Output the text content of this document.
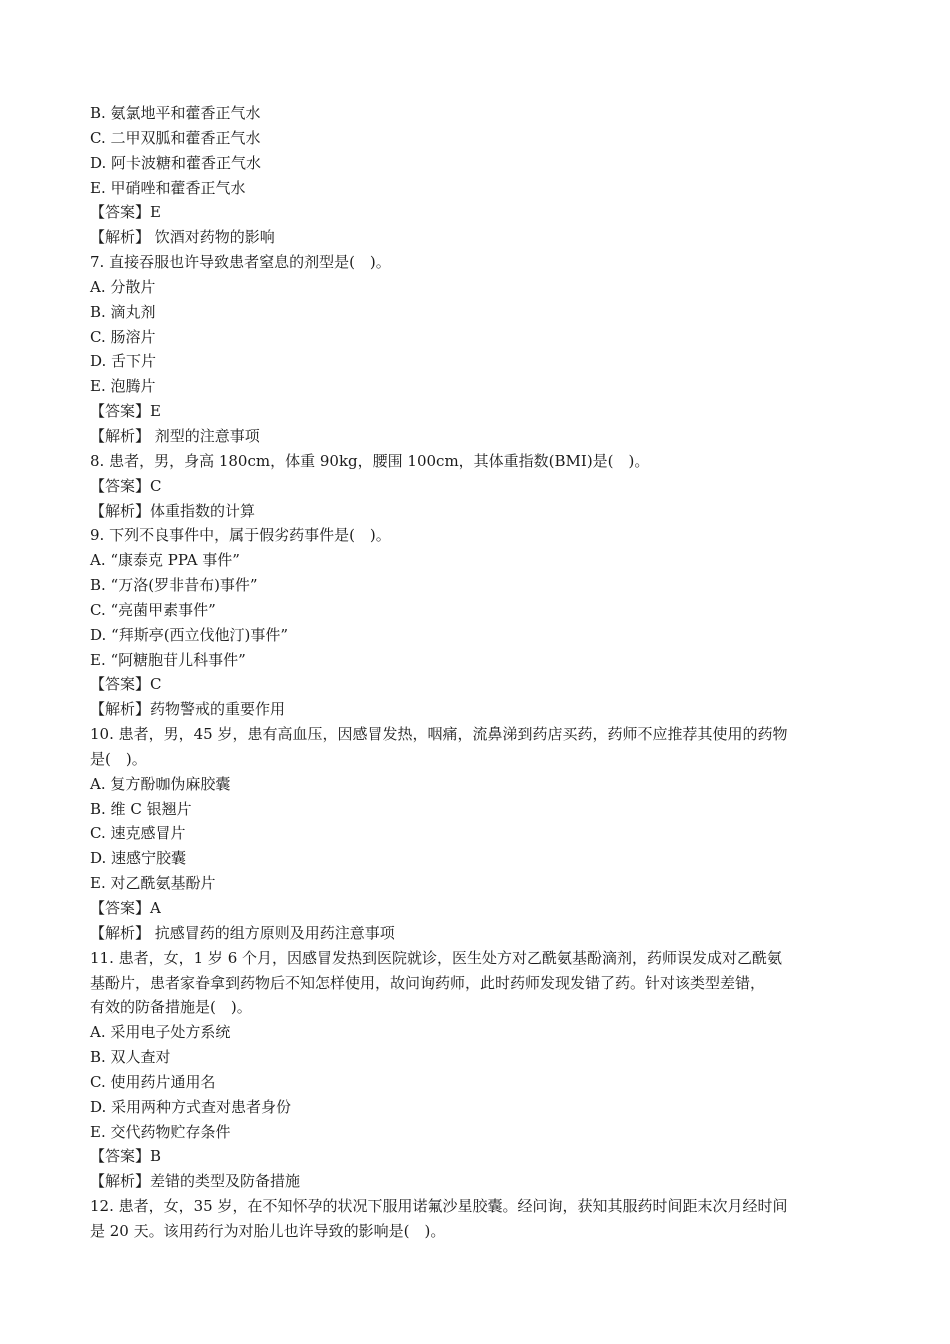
B. 氨氯地平和藿香正气水
C. 二甲双胍和藿香正气水
D. 阿卡波糖和藿香正气水
E. 甲硝唑和藿香正气水
【答案】E
【解析】 饮酒对药物的影响
7. 直接吞服也许导致患者窒息的剂型是(　)。
A. 分散片
B. 滴丸剂
C. 肠溶片
D. 舌下片
E. 泡腾片
【答案】E
【解析】 剂型的注意事项
8. 患者，男，身高 180cm，体重 90kg，腰围 100cm，其体重指数(BMI)是(　)。
【答案】C
【解析】体重指数的计算
9. 下列不良事件中，属于假劣药事件是(　)。
A. “康泰克 PPA 事件”
B. “万洛(罗非昔布)事件”
C. “亮菌甲素事件”
D. “拜斯亭(西立伐他汀)事件”
E. “阿糖胞苷儿科事件”
【答案】C
【解析】药物警戒的重要作用
10. 患者，男，45 岁，患有高血压，因感冒发热，咽痛，流鼻涕到药店买药，药师不应推荐其使用的药物
是(　)。
A. 复方酚咖伪麻胶囊
B. 维 C 银翘片
C. 速克感冒片
D. 速感宁胶囊
E. 对乙酰氨基酚片
【答案】A
【解析】 抗感冒药的组方原则及用药注意事项
11. 患者，女，1 岁 6 个月，因感冒发热到医院就诊，医生处方对乙酰氨基酚滴剂，药师误发成对乙酰氨
基酚片，患者家眷拿到药物后不知怎样使用，故问询药师，此时药师发现发错了药。针对该类型差错，
有效的防备措施是(　)。
A. 采用电子处方系统
B. 双人查对
C. 使用药片通用名
D. 采用两种方式查对患者身份
E. 交代药物贮存条件
【答案】B
【解析】差错的类型及防备措施
12. 患者，女，35 岁，在不知怀孕的状况下服用诺氟沙星胶囊。经问询，获知其服药时间距末次月经时间
是 20 天。该用药行为对胎儿也许导致的影响是(　)。
